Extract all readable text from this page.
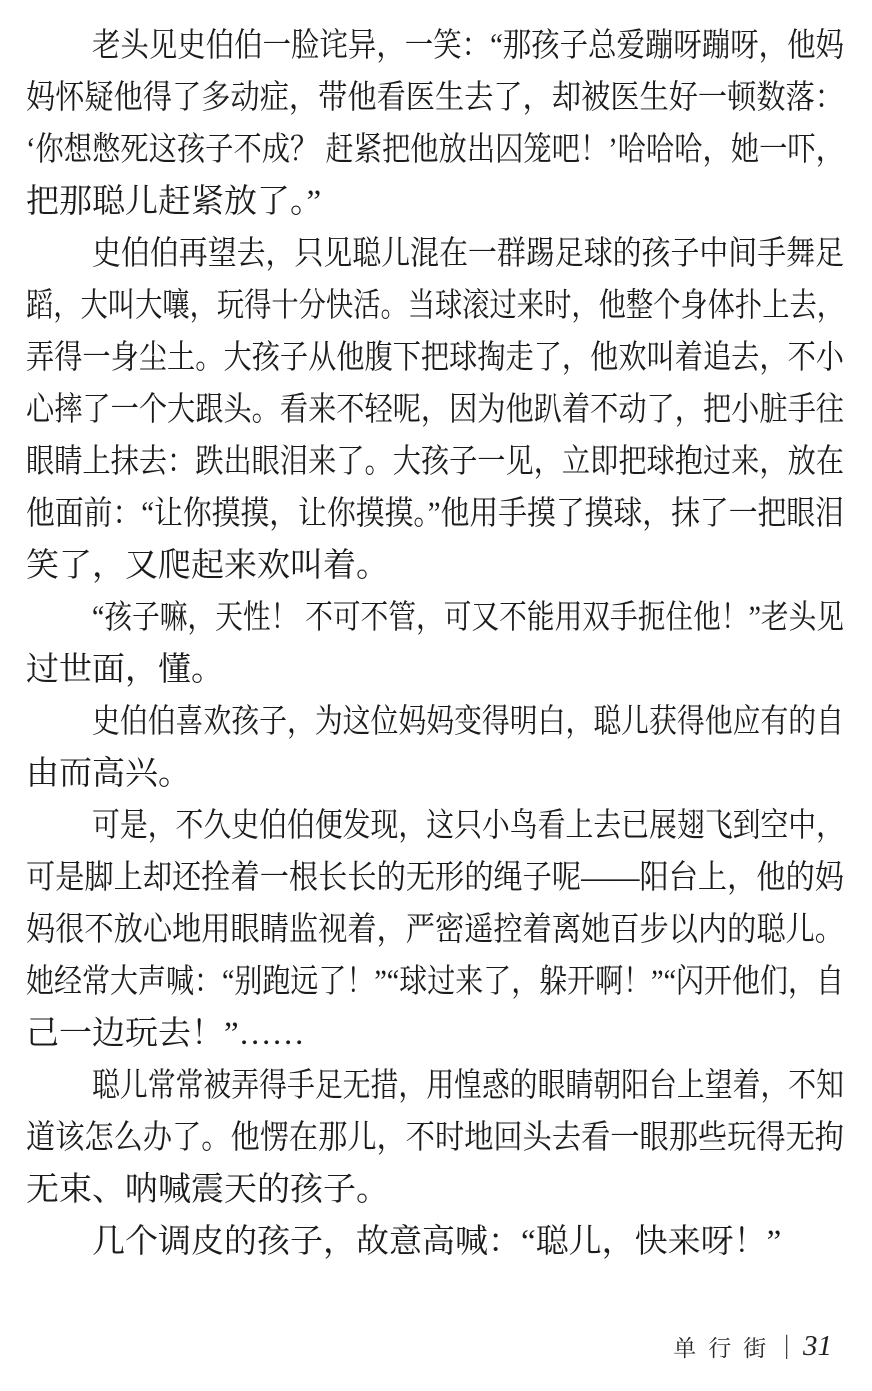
老头见史伯伯一脸诧异，一笑：“那孩子总爱蹦呀蹦呀，他妈
妈怀疑他得了多动症，带他看医生去了，却被医生好一顿数落：
‘你想憋死这孩子不成？ 赶紧把他放出囚笼吧！’哈哈哈，她一吓，
把那聪儿赶紧放了。”
史伯伯再望去，只见聪儿混在一群踢足球的孩子中间手舞足
蹈，大叫大嚷，玩得十分快活。当球滚过来时，他整个身体扑上去，
弄得一身尘土。大孩子从他腹下把球掏走了，他欢叫着追去，不小
心摔了一个大跟头。看来不轻呢，因为他趴着不动了，把小脏手往
眼睛上抹去：跌出眼泪来了。大孩子一见，立即把球抱过来，放在
他面前：“让你摸摸，让你摸摸。”他用手摸了摸球，抹了一把眼泪
笑了，又爬起来欢叫着。
“孩子嘛，天性！ 不可不管，可又不能用双手扼住他！”老头见
过世面，懂。
史伯伯喜欢孩子，为这位妈妈变得明白，聪儿获得他应有的自
由而高兴。
可是，不久史伯伯便发现，这只小鸟看上去已展翅飞到空中，
可是脚上却还拴着一根长长的无形的绳子呢——阳台上，他的妈
妈很不放心地用眼睛监视着，严密遥控着离她百步以内的聪儿。
她经常大声喊：“别跑远了！”“球过来了，躲开啊！”“闪开他们，自
己一边玩去！”……
聪儿常常被弄得手足无措，用惶惑的眼睛朝阳台上望着，不知
道该怎么办了。他愣在那儿，不时地回头去看一眼那些玩得无拘
无束、呐喊震天的孩子。
几个调皮的孩子，故意高喊：“聪儿，快来呀！”
单行街 | 31
